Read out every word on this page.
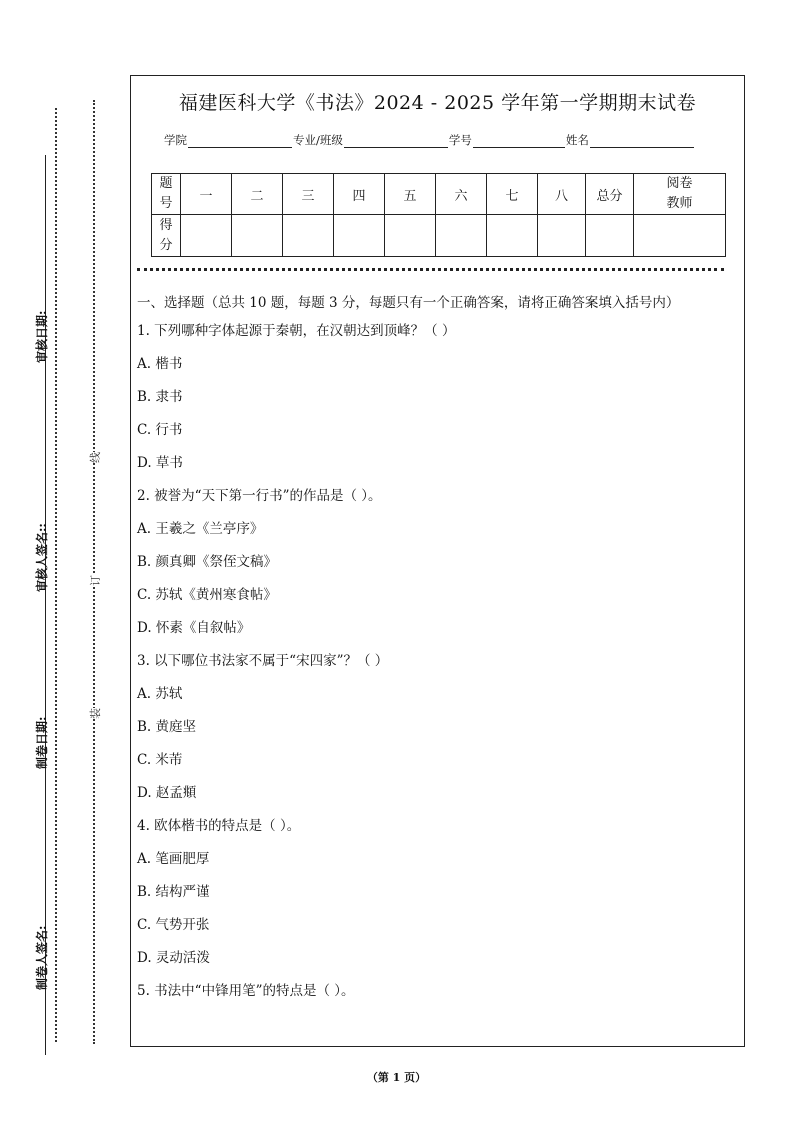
审核日期:
审核人签名::
制卷日期:
制卷人签名:
线
订
装
福建医科大学《书法》2024 - 2025 学年第一学期期末试卷
学院	专业/班级	学号	姓名
题号	一	二	三	四	五	六	七	八	总分	阅卷教师

得分										

一、选择题（总共 10 题，每题 3 分，每题只有一个正确答案，请将正确答案填入括号内）
1. 下列哪种字体起源于秦朝，在汉朝达到顶峰？（ ）
A. 楷书
B. 隶书
C. 行书
D. 草书
2. 被誉为“天下第一行书”的作品是（ ）。
A. 王羲之《兰亭序》
B. 颜真卿《祭侄文稿》
C. 苏轼《黄州寒食帖》
D. 怀素《自叙帖》
3. 以下哪位书法家不属于“宋四家”？（ ）
A. 苏轼
B. 黄庭坚
C. 米芾
D. 赵孟頫
4. 欧体楷书的特点是（ ）。
A. 笔画肥厚
B. 结构严谨
C. 气势开张
D. 灵动活泼
5. 书法中“中锋用笔”的特点是（ ）。
（第 1 页）
